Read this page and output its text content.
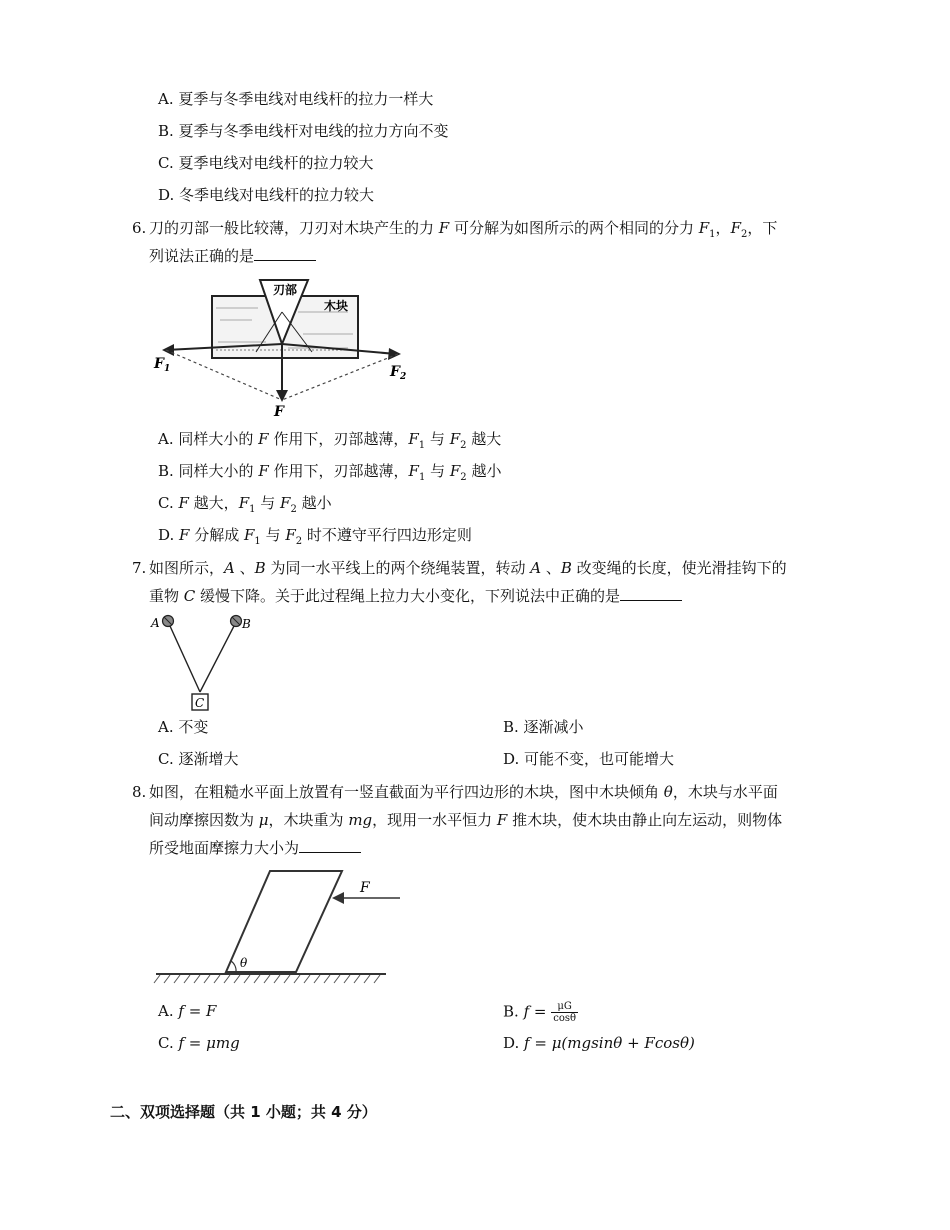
A. 夏季与冬季电线对电线杆的拉力一样大
B. 夏季与冬季电线杆对电线的拉力方向不变
C. 夏季电线对电线杆的拉力较大
D. 冬季电线对电线杆的拉力较大
6. 刀的刃部一般比较薄，刀刃对木块产生的力 F 可分解为如图所示的两个相同的分力 $F_1$，$F_2$，下
列说法正确的是
刃部
木块
$F_1$	$F_2$
F
A. 同样大小的 F 作用下，刃部越薄，$F_1$ 与 $F_2$ 越大
B. 同样大小的 F 作用下，刃部越薄，$F_1$ 与 $F_2$ 越小
C. F 越大，$F_1$ 与 $F_2$ 越小
D. F 分解成 $F_1$ 与 $F_2$ 时不遵守平行四边形定则
7. 如图所示，A 、B 为同一水平线上的两个绕绳装置，转动 A 、B 改变绳的长度，使光滑挂钩下的
重物 C 缓慢下降。关于此过程绳上拉力大小变化，下列说法中正确的是
A	B
C
A. 不变	B. 逐渐减小
C. 逐渐增大	D. 可能不变，也可能增大
8. 如图，在粗糙水平面上放置有一竖直截面为平行四边形的木块，图中木块倾角 θ，木块与水平面
间动摩擦因数为 μ，木块重为 mg，现用一水平恒力 F 推木块，使木块由静止向左运动，则物体
所受地面摩擦力大小为
θ
F
A. f = F	B. $f = \frac{\mu G}{\cos\theta}$
C. f = μmg	D. f = μ(mgsinθ + Fcosθ)
二、双项选择题（共 1 小题；共 4 分）
